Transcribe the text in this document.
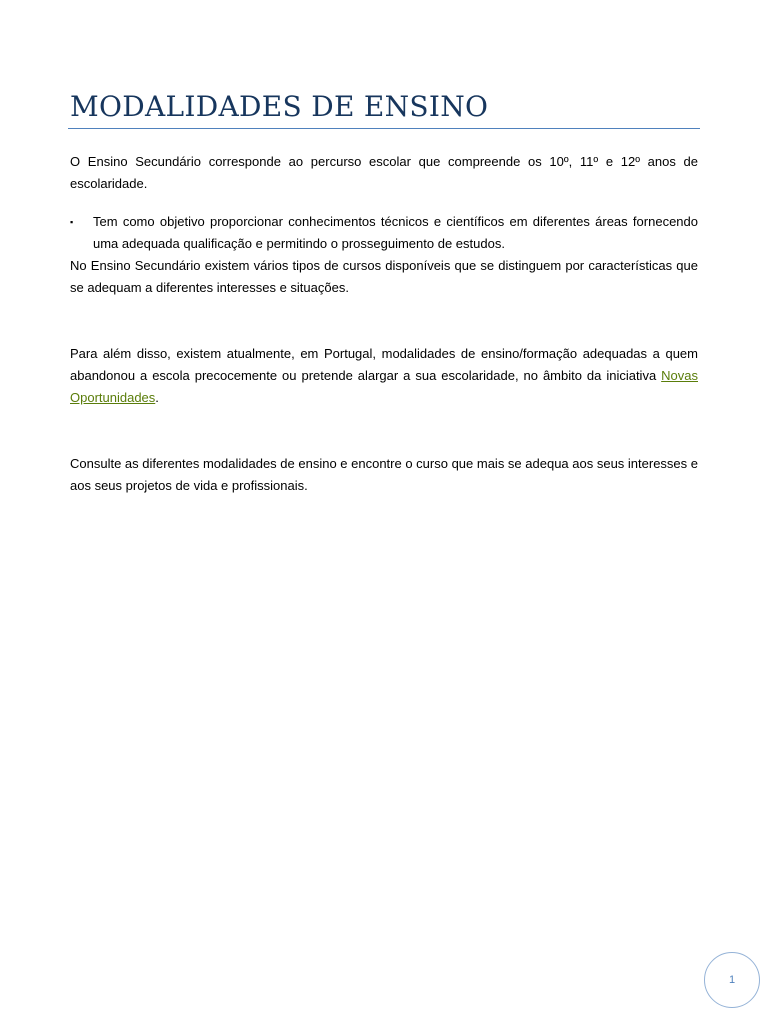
MODALIDADES DE ENSINO

O Ensino Secundário corresponde ao percurso escolar que compreende os 10º, 11º e 12º anos de escolaridade.

▪ Tem como objetivo proporcionar conhecimentos técnicos e científicos em diferentes áreas fornecendo uma adequada qualificação e permitindo o prosseguimento de estudos.

No Ensino Secundário existem vários tipos de cursos disponíveis que se distinguem por características que se adequam a diferentes interesses e situações.

Para além disso, existem atualmente, em Portugal, modalidades de ensino/formação adequadas a quem abandonou a escola precocemente ou pretende alargar a sua escolaridade, no âmbito da iniciativa Novas Oportunidades.

Consulte as diferentes modalidades de ensino e encontre o curso que mais se adequa aos seus interesses e aos seus projetos de vida e profissionais.

1
